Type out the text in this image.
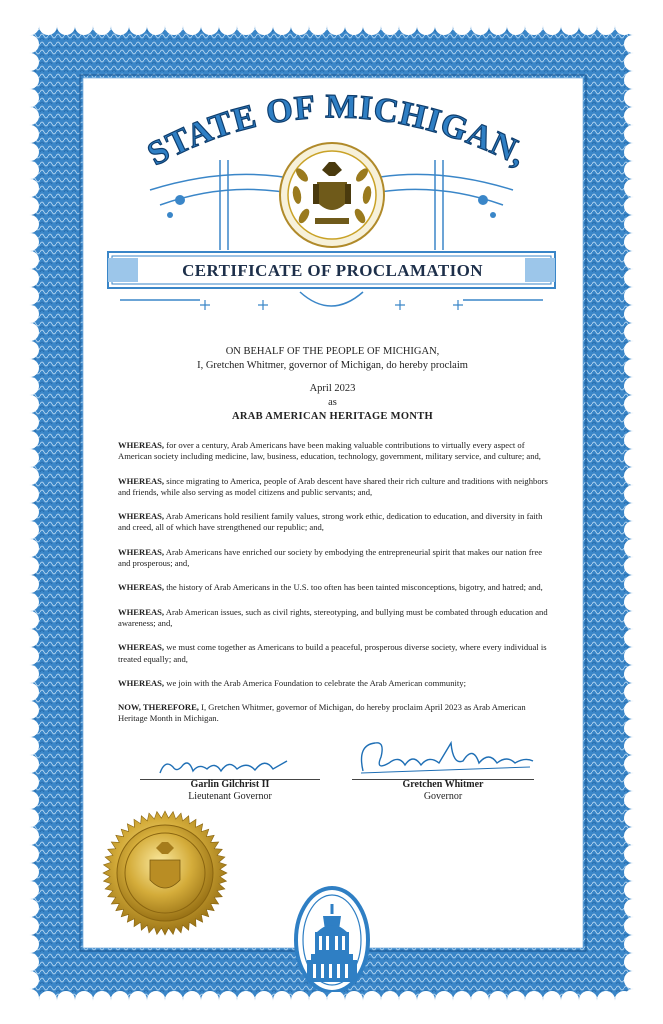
STATE OF MICHIGAN,
CERTIFICATE OF PROCLAMATION
ON BEHALF OF THE PEOPLE OF MICHIGAN,
I, Gretchen Whitmer, governor of Michigan, do hereby proclaim
April 2023
as
ARAB AMERICAN HERITAGE MONTH

WHEREAS, for over a century, Arab Americans have been making valuable contributions to virtually every aspect of American society including medicine, law, business, education, technology, government, military service, and culture; and,

WHEREAS, since migrating to America, people of Arab descent have shared their rich culture and traditions with neighbors and friends, while also serving as model citizens and public servants; and,

WHEREAS, Arab Americans hold resilient family values, strong work ethic, dedication to education, and diversity in faith and creed, all of which have strengthened our republic; and,

WHEREAS, Arab Americans have enriched our society by embodying the entrepreneurial spirit that makes our nation free and prosperous; and,

WHEREAS, the history of Arab Americans in the U.S. too often has been tainted misconceptions, bigotry, and hatred; and,

WHEREAS, Arab American issues, such as civil rights, stereotyping, and bullying must be combated through education and awareness; and,

WHEREAS, we must come together as Americans to build a peaceful, prosperous diverse society, where every individual is treated equally; and,

WHEREAS, we join with the Arab America Foundation to celebrate the Arab American community;

NOW, THEREFORE, I, Gretchen Whitmer, governor of Michigan, do hereby proclaim April 2023 as Arab American Heritage Month in Michigan.

Garlin Gilchrist II
Lieutenant Governor
Gretchen Whitmer
Governor
